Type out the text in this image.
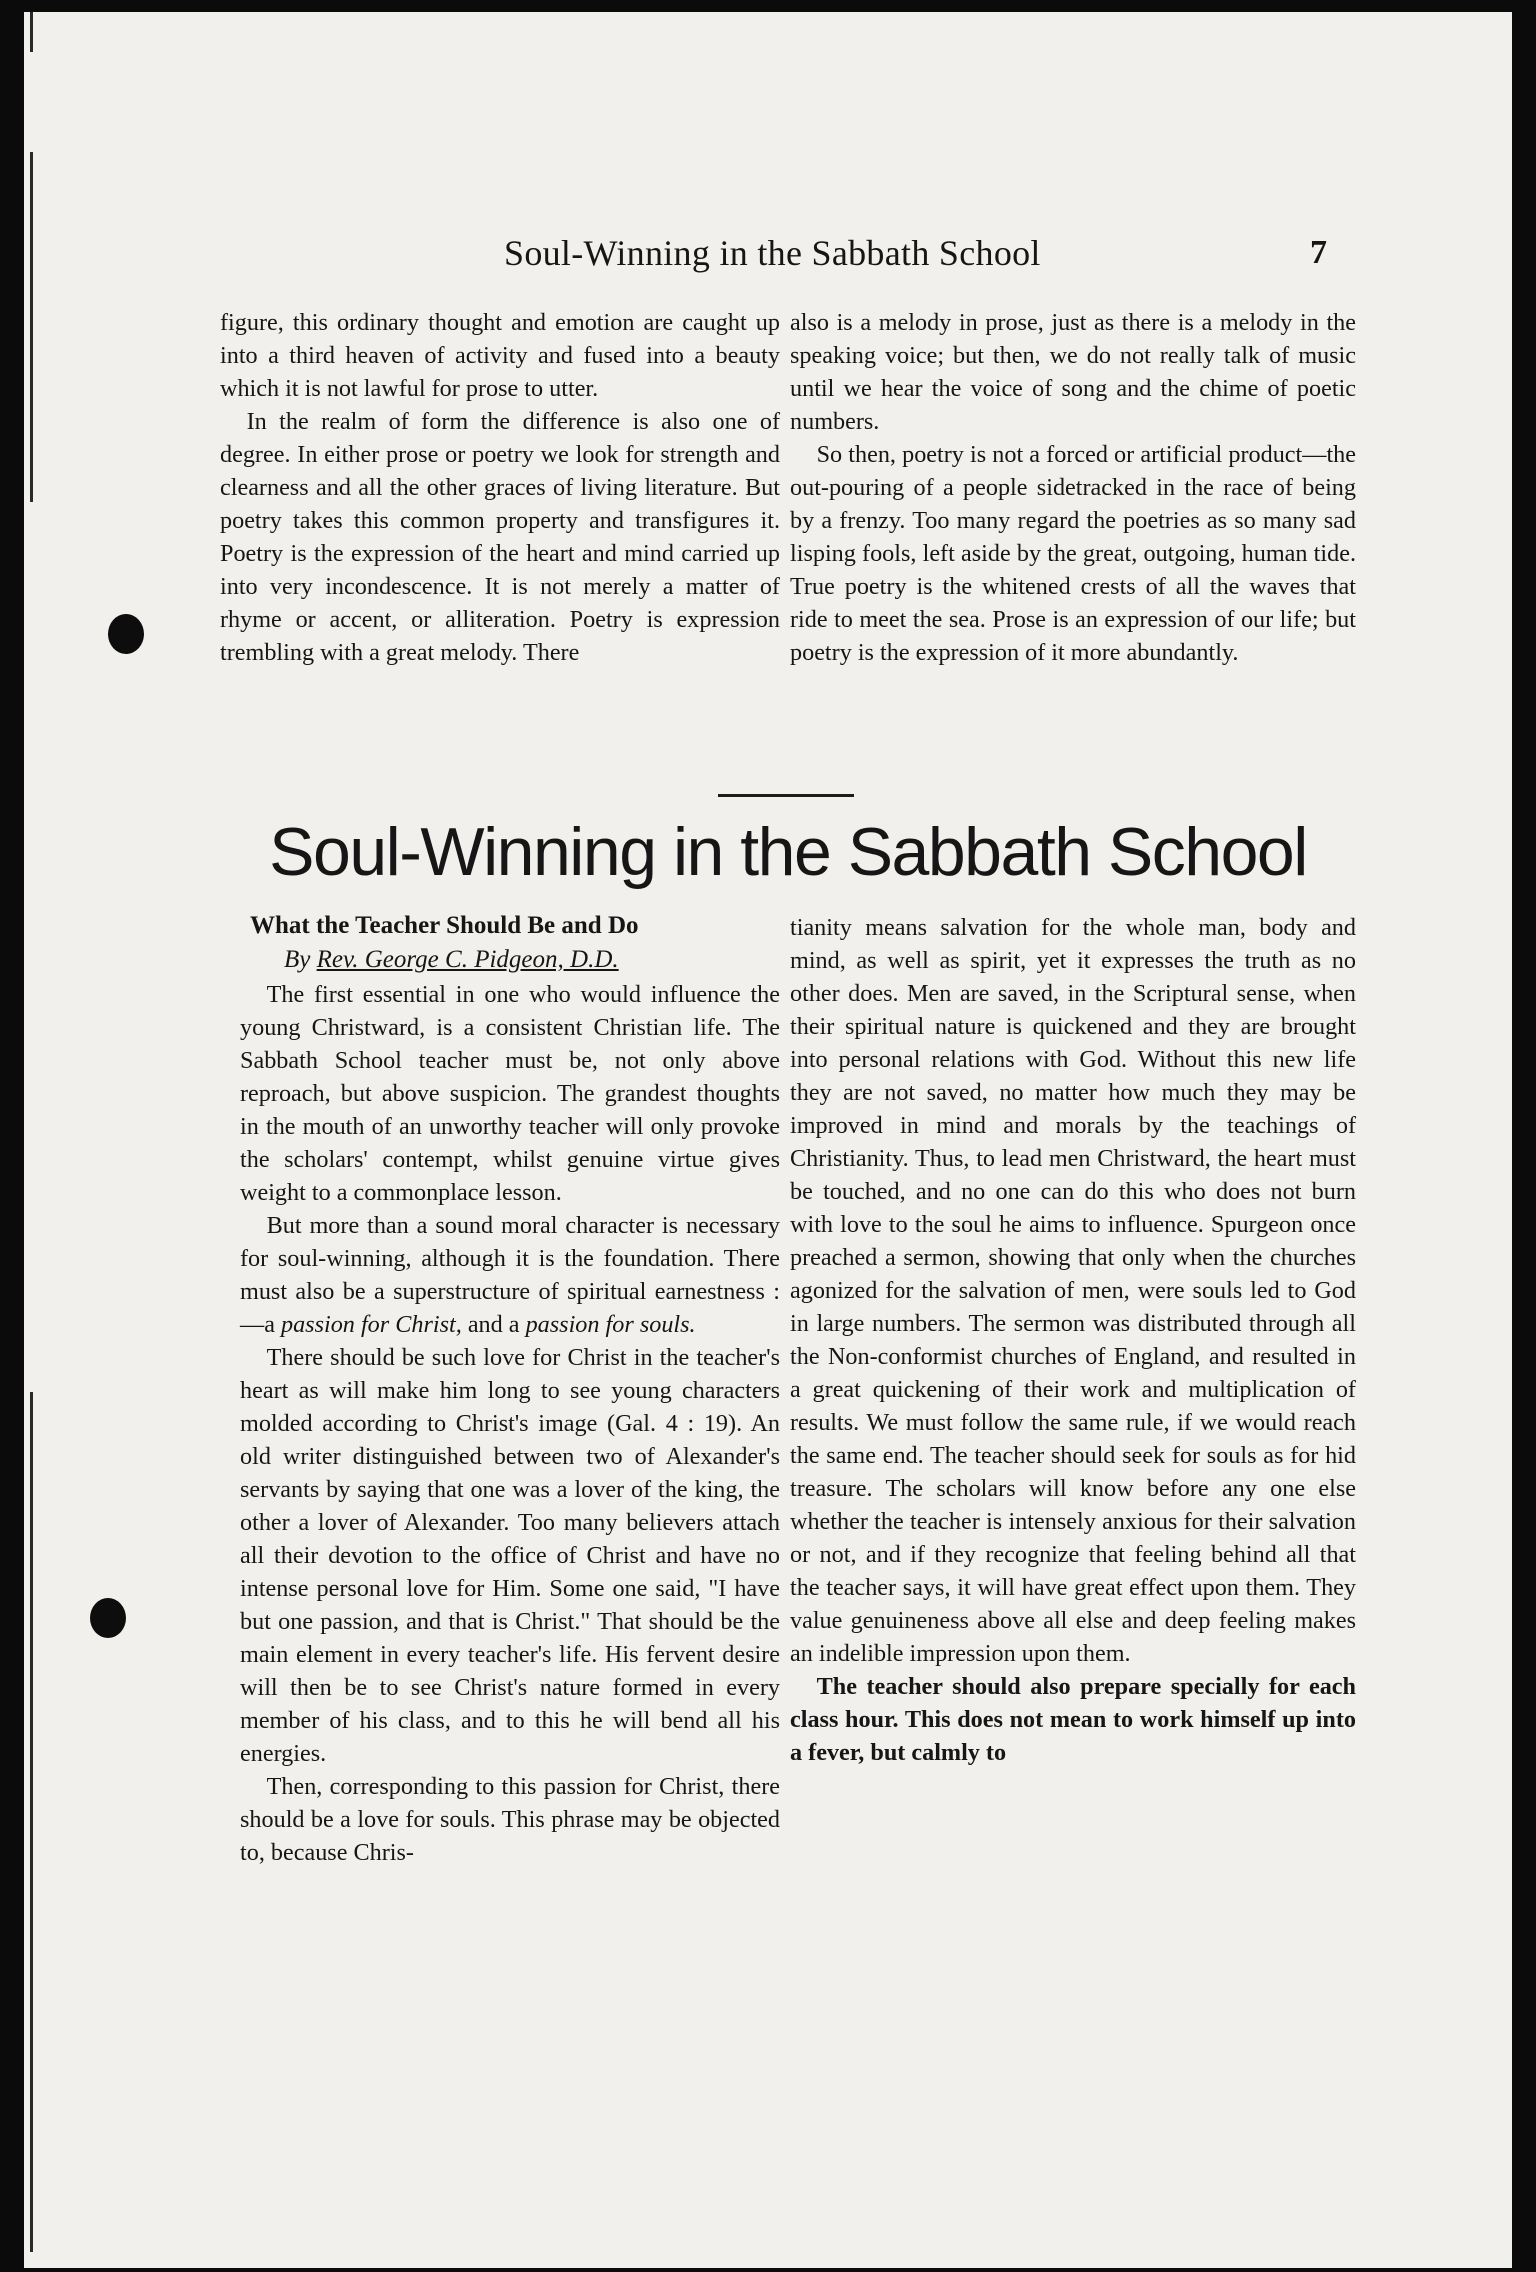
Soul-Winning in the Sabbath School	7

figure, this ordinary thought and emotion are caught up into a third heaven of activity and fused into a beauty which it is not lawful for prose to utter.

In the realm of form the difference is also one of degree. In either prose or poetry we look for strength and clearness and all the other graces of living literature. But poetry takes this common property and transfigures it. Poetry is the expression of the heart and mind carried up into very incondescence. It is not merely a matter of rhyme or accent, or alliteration. Poetry is expression trembling with a great melody. There

also is a melody in prose, just as there is a melody in the speaking voice; but then, we do not really talk of music until we hear the voice of song and the chime of poetic numbers.

So then, poetry is not a forced or artificial product—the out-pouring of a people sidetracked in the race of being by a frenzy. Too many regard the poetries as so many sad lisping fools, left aside by the great, outgoing, human tide. True poetry is the whitened crests of all the waves that ride to meet the sea. Prose is an expression of our life; but poetry is the expression of it more abundantly.

Soul-Winning in the Sabbath School
What the Teacher Should Be and Do
By Rev. George C. Pidgeon, D.D.

The first essential in one who would influence the young Christward, is a consistent Christian life. The Sabbath School teacher must be, not only above reproach, but above suspicion. The grandest thoughts in the mouth of an unworthy teacher will only provoke the scholars' contempt, whilst genuine virtue gives weight to a commonplace lesson.

But more than a sound moral character is necessary for soul-winning, although it is the foundation. There must also be a superstructure of spiritual earnestness :—a passion for Christ, and a passion for souls.

There should be such love for Christ in the teacher's heart as will make him long to see young characters molded according to Christ's image (Gal. 4 : 19). An old writer distinguished between two of Alexander's servants by saying that one was a lover of the king, the other a lover of Alexander. Too many believers attach all their devotion to the office of Christ and have no intense personal love for Him. Some one said, "I have but one passion, and that is Christ." That should be the main element in every teacher's life. His fervent desire will then be to see Christ's nature formed in every member of his class, and to this he will bend all his energies.

Then, corresponding to this passion for Christ, there should be a love for souls. This phrase may be objected to, because Chris-

tianity means salvation for the whole man, body and mind, as well as spirit, yet it expresses the truth as no other does. Men are saved, in the Scriptural sense, when their spiritual nature is quickened and they are brought into personal relations with God. Without this new life they are not saved, no matter how much they may be improved in mind and morals by the teachings of Christianity. Thus, to lead men Christward, the heart must be touched, and no one can do this who does not burn with love to the soul he aims to influence. Spurgeon once preached a sermon, showing that only when the churches agonized for the salvation of men, were souls led to God in large numbers. The sermon was distributed through all the Non-conformist churches of England, and resulted in a great quickening of their work and multiplication of results. We must follow the same rule, if we would reach the same end. The teacher should seek for souls as for hid treasure. The scholars will know before any one else whether the teacher is intensely anxious for their salvation or not, and if they recognize that feeling behind all that the teacher says, it will have great effect upon them. They value genuineness above all else and deep feeling makes an indelible impression upon them.

The teacher should also prepare specially for each class hour. This does not mean to work himself up into a fever, but calmly to
